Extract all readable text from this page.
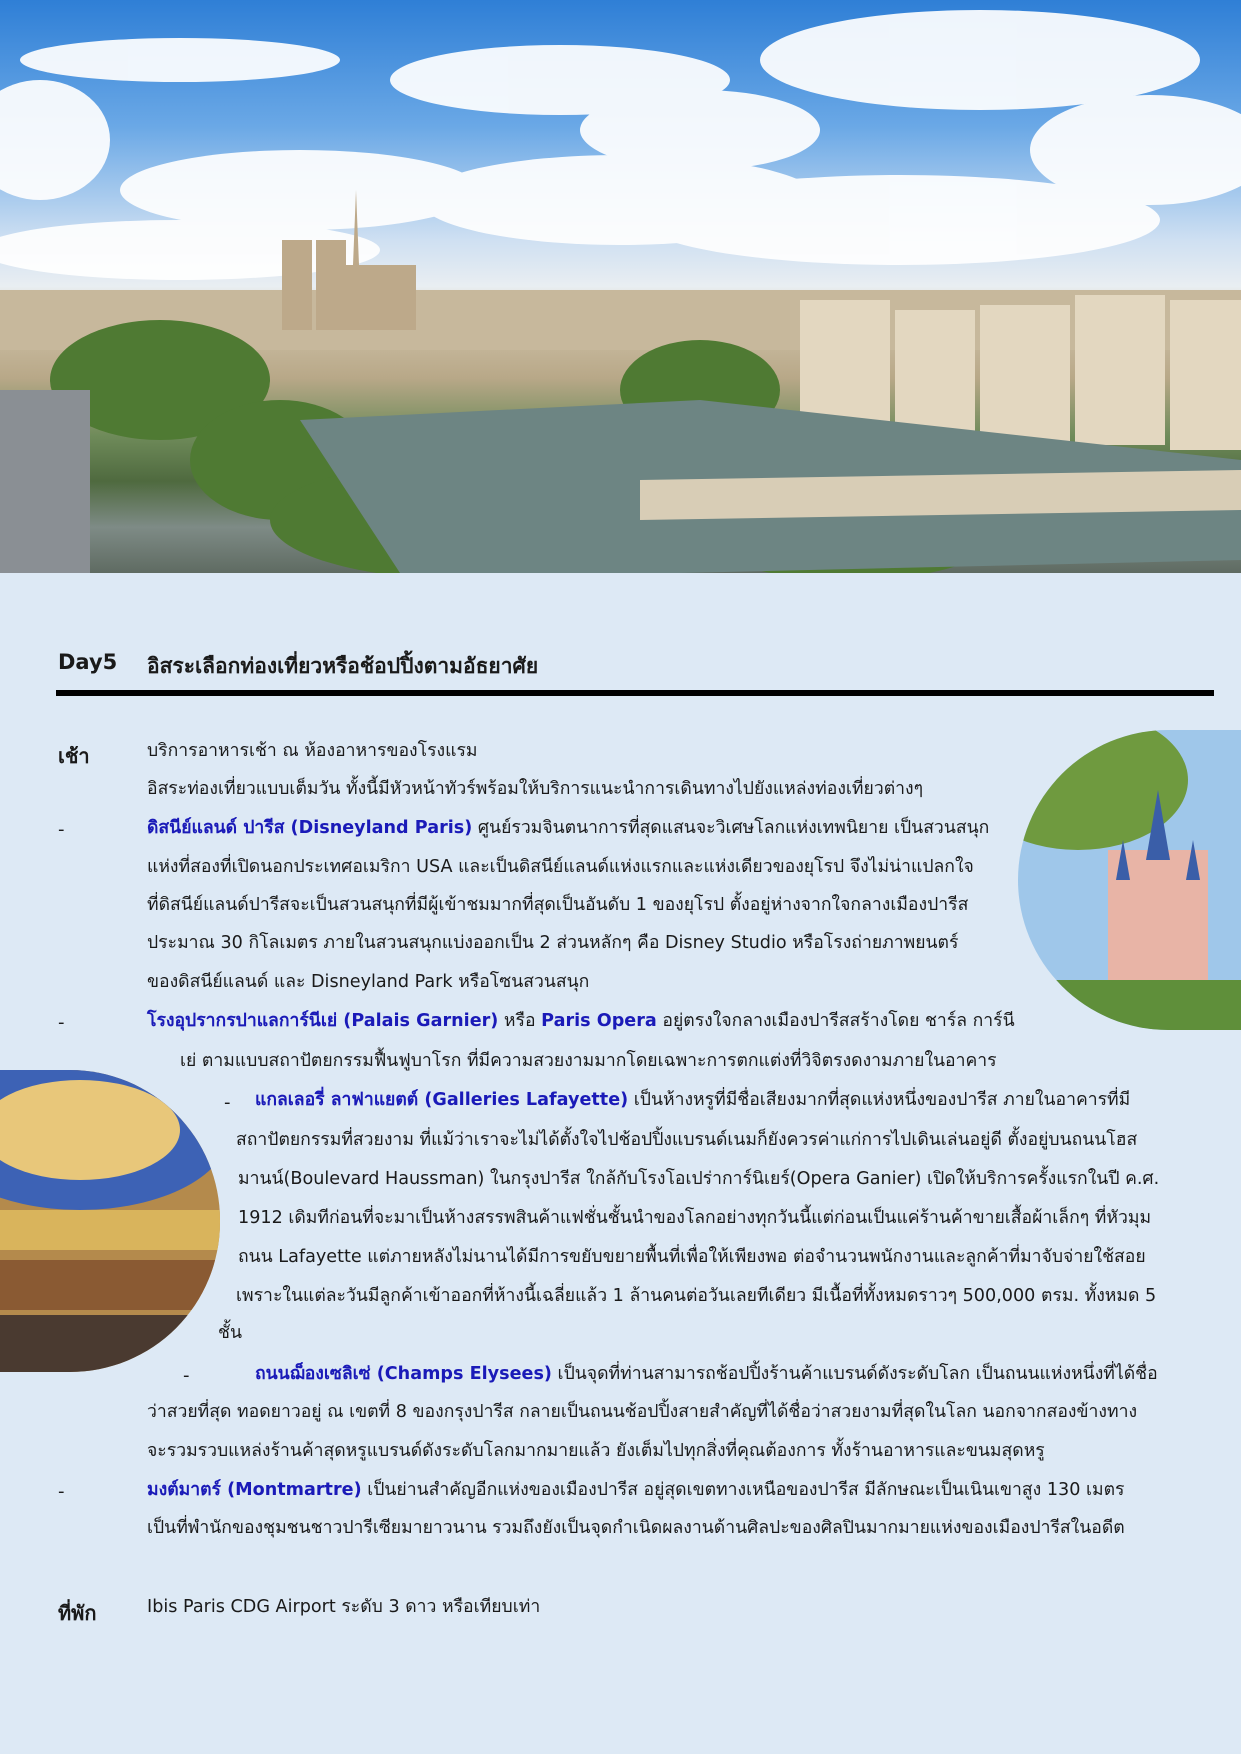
Day5 อิสระเลือกท่องเที่ยวหรือช้อปปิ้งตามอัธยาศัย
เช้า	บริการอาหารเช้า ณ ห้องอาหารของโรงแรม
อิสระท่องเที่ยวแบบเต็มวัน ทั้งนี้มีหัวหน้าทัวร์พร้อมให้บริการแนะนำการเดินทางไปยังแหล่งท่องเที่ยวต่างๆ
-	ดิสนีย์แลนด์ ปารีส (Disneyland Paris) ศูนย์รวมจินตนาการที่สุดแสนจะวิเศษโลกแห่งเทพนิยาย เป็นสวนสนุก
แห่งที่สองที่เปิดนอกประเทศอเมริกา USA และเป็นดิสนีย์แลนด์แห่งแรกและแห่งเดียวของยุโรป จึงไม่น่าแปลกใจ
ที่ดิสนีย์แลนด์ปารีสจะเป็นสวนสนุกที่มีผู้เข้าชมมากที่สุดเป็นอันดับ 1 ของยุโรป ตั้งอยู่ห่างจากใจกลางเมืองปารีส
ประมาณ 30 กิโลเมตร ภายในสวนสนุกแบ่งออกเป็น 2 ส่วนหลักๆ คือ Disney Studio หรือโรงถ่ายภาพยนตร์
ของดิสนีย์แลนด์ และ Disneyland Park หรือโซนสวนสนุก
-	โรงอุปรากรปาแลการ์นีเย่ (Palais Garnier) หรือ Paris Opera อยู่ตรงใจกลางเมืองปารีสสร้างโดย ชาร์ล การ์นี
เย่ ตามแบบสถาปัตยกรรมฟื้นฟูบาโรก ที่มีความสวยงามมากโดยเฉพาะการตกแต่งที่วิจิตรงดงามภายในอาคาร
- แกลเลอรี่ ลาฟาแยตต์ (Galleries Lafayette) เป็นห้างหรูที่มีชื่อเสียงมากที่สุดแห่งหนึ่งของปารีส ภายในอาคารที่มี
สถาปัตยกรรมที่สวยงาม ที่แม้ว่าเราจะไม่ได้ตั้งใจไปช้อปปิ้งแบรนด์เนมก็ยังควรค่าแก่การไปเดินเล่นอยู่ดี ตั้งอยู่บนถนนโฮส
มานน์(Boulevard Haussman) ในกรุงปารีส ใกล้กับโรงโอเปร่าการ์นิเยร์(Opera Ganier) เปิดให้บริการครั้งแรกในปี ค.ศ.
1912 เดิมทีก่อนที่จะมาเป็นห้างสรรพสินค้าแฟชั่นชั้นนำของโลกอย่างทุกวันนี้แต่ก่อนเป็นแค่ร้านค้าขายเสื้อผ้าเล็กๆ ที่หัวมุม
ถนน Lafayette แต่ภายหลังไม่นานได้มีการขยับขยายพื้นที่เพื่อให้เพียงพอ ต่อจำนวนพนักงานและลูกค้าที่มาจับจ่ายใช้สอย
เพราะในแต่ละวันมีลูกค้าเข้าออกที่ห้างนี้เฉลี่ยแล้ว 1 ล้านคนต่อวันเลยทีเดียว มีเนื้อที่ทั้งหมดราวๆ 500,000 ตรม. ทั้งหมด 5
ชั้น
-	ถนนฌ็องเซลิเซ่ (Champs Elysees) เป็นจุดที่ท่านสามารถช้อปปิ้งร้านค้าแบรนด์ดังระดับโลก เป็นถนนแห่งหนึ่งที่ได้ชื่อ
ว่าสวยที่สุด ทอดยาวอยู่ ณ เขตที่ 8 ของกรุงปารีส กลายเป็นถนนช้อปปิ้งสายสำคัญที่ได้ชื่อว่าสวยงามที่สุดในโลก นอกจากสองข้างทาง
จะรวมรวบแหล่งร้านค้าสุดหรูแบรนด์ดังระดับโลกมากมายแล้ว ยังเต็มไปทุกสิ่งที่คุณต้องการ ทั้งร้านอาหารและขนมสุดหรู
-	มงต์มาตร์ (Montmartre) เป็นย่านสำคัญอีกแห่งของเมืองปารีส อยู่สุดเขตทางเหนือของปารีส มีลักษณะเป็นเนินเขาสูง 130 เมตร
เป็นที่พำนักของชุมชนชาวปารีเซียมายาวนาน รวมถึงยังเป็นจุดกำเนิดผลงานด้านศิลปะของศิลปินมากมายแห่งของเมืองปารีสในอดีต
ที่พัก	Ibis Paris CDG Airport ระดับ 3 ดาว หรือเทียบเท่า
